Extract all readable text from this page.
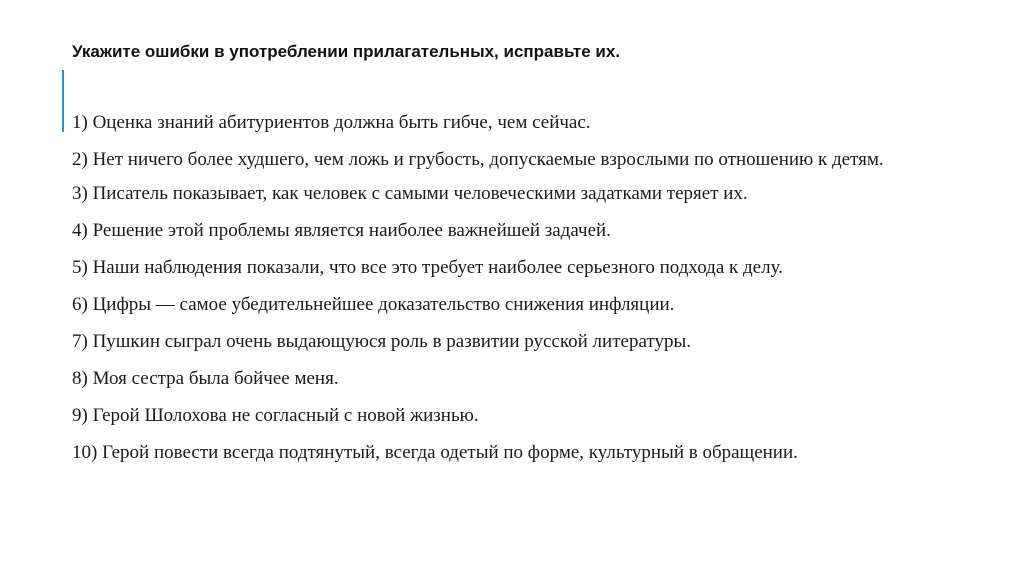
Укажите ошибки в употреблении прилагательных, исправьте их.
1) Оценка знаний абитуриентов должна быть гибче, чем сейчас.
2) Нет ничего более худшего, чем ложь и грубость, допускаемые взрослыми по отношению к детям.
3) Писатель показывает, как человек с самыми человеческими задатками теряет их.
4) Решение этой проблемы является наиболее важнейшей задачей.
5) Наши наблюдения показали, что все это требует наиболее серьезного подхода к делу.
6) Цифры — самое убедительнейшее доказательство снижения инфляции.
7) Пушкин сыграл очень выдающуюся роль в развитии русской литературы.
8) Моя сестра была бойчее меня.
9) Герой Шолохова не согласный с новой жизнью.
10) Герой повести всегда подтянутый, всегда одетый по форме, культурный в обращении.
